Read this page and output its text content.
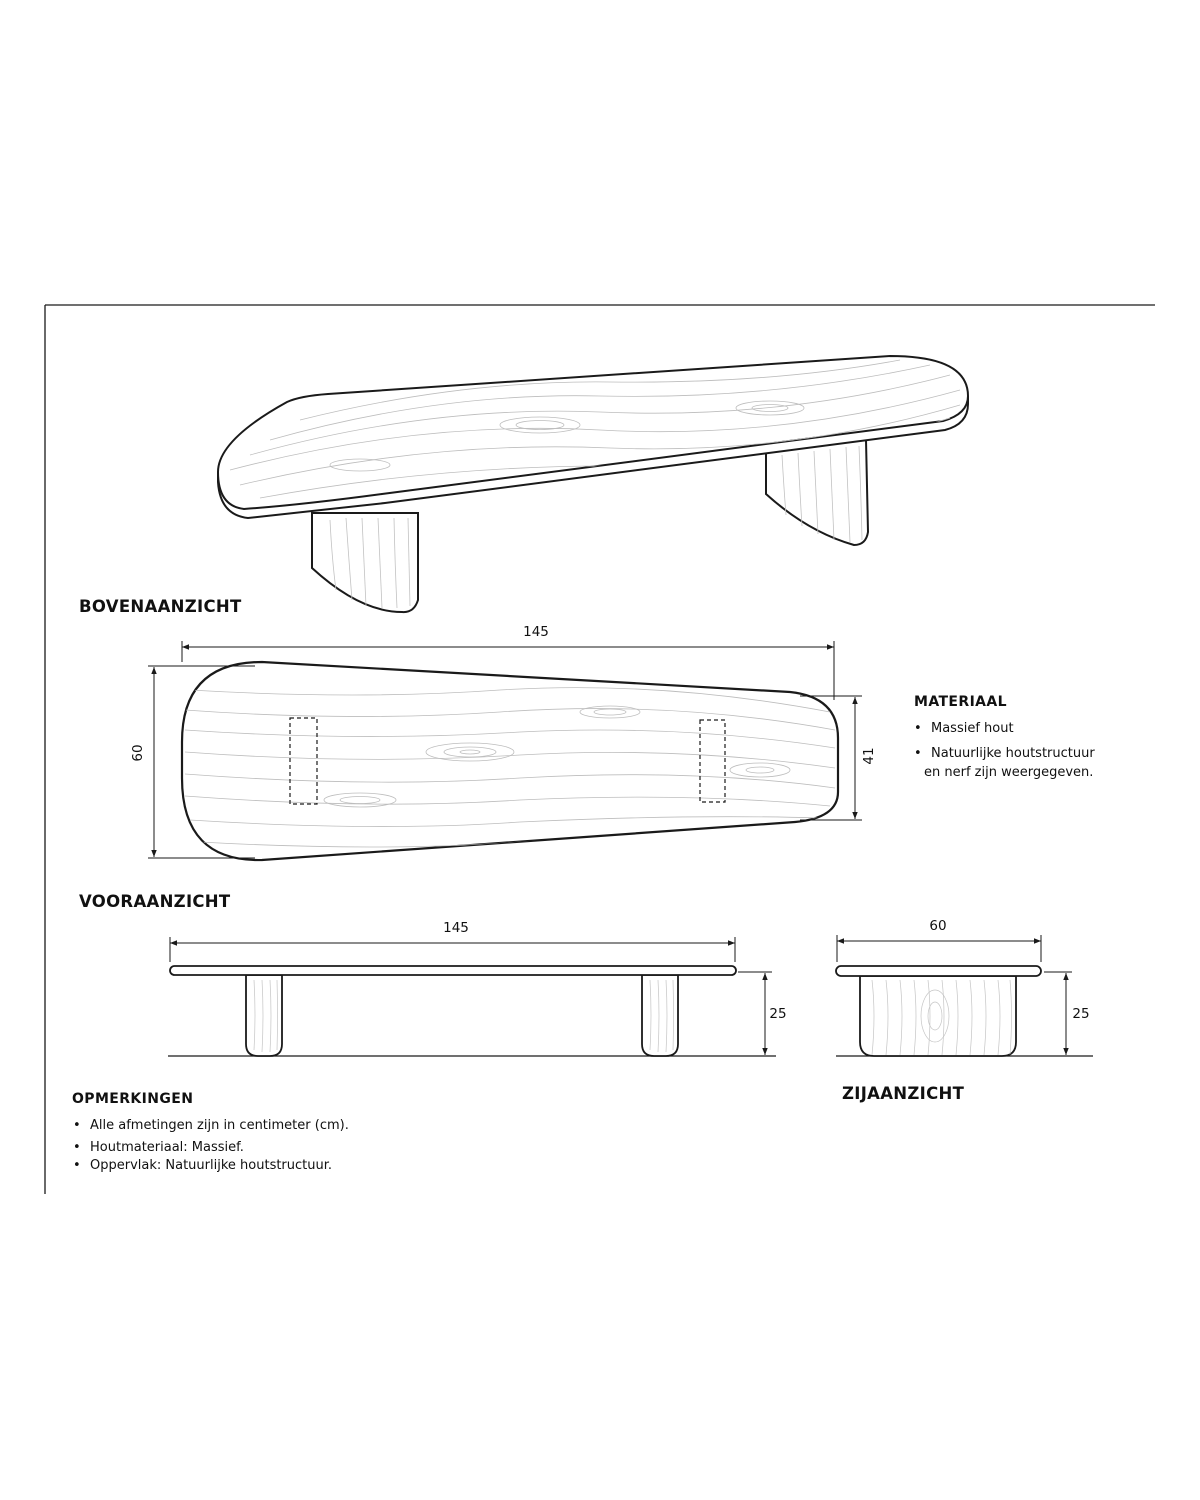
BOVENAANZICHT
VOORAANZICHT
ZIJAANZICHT
145
60	41
145
25
60
25
MATERIAAL
• Massief hout
• Natuurlijke houtstructuur
en nerf zijn weergegeven.
OPMERKINGEN
• Alle afmetingen zijn in centimeter (cm).
• Houtmateriaal: Massief.
• Oppervlak: Natuurlijke houtstructuur.
